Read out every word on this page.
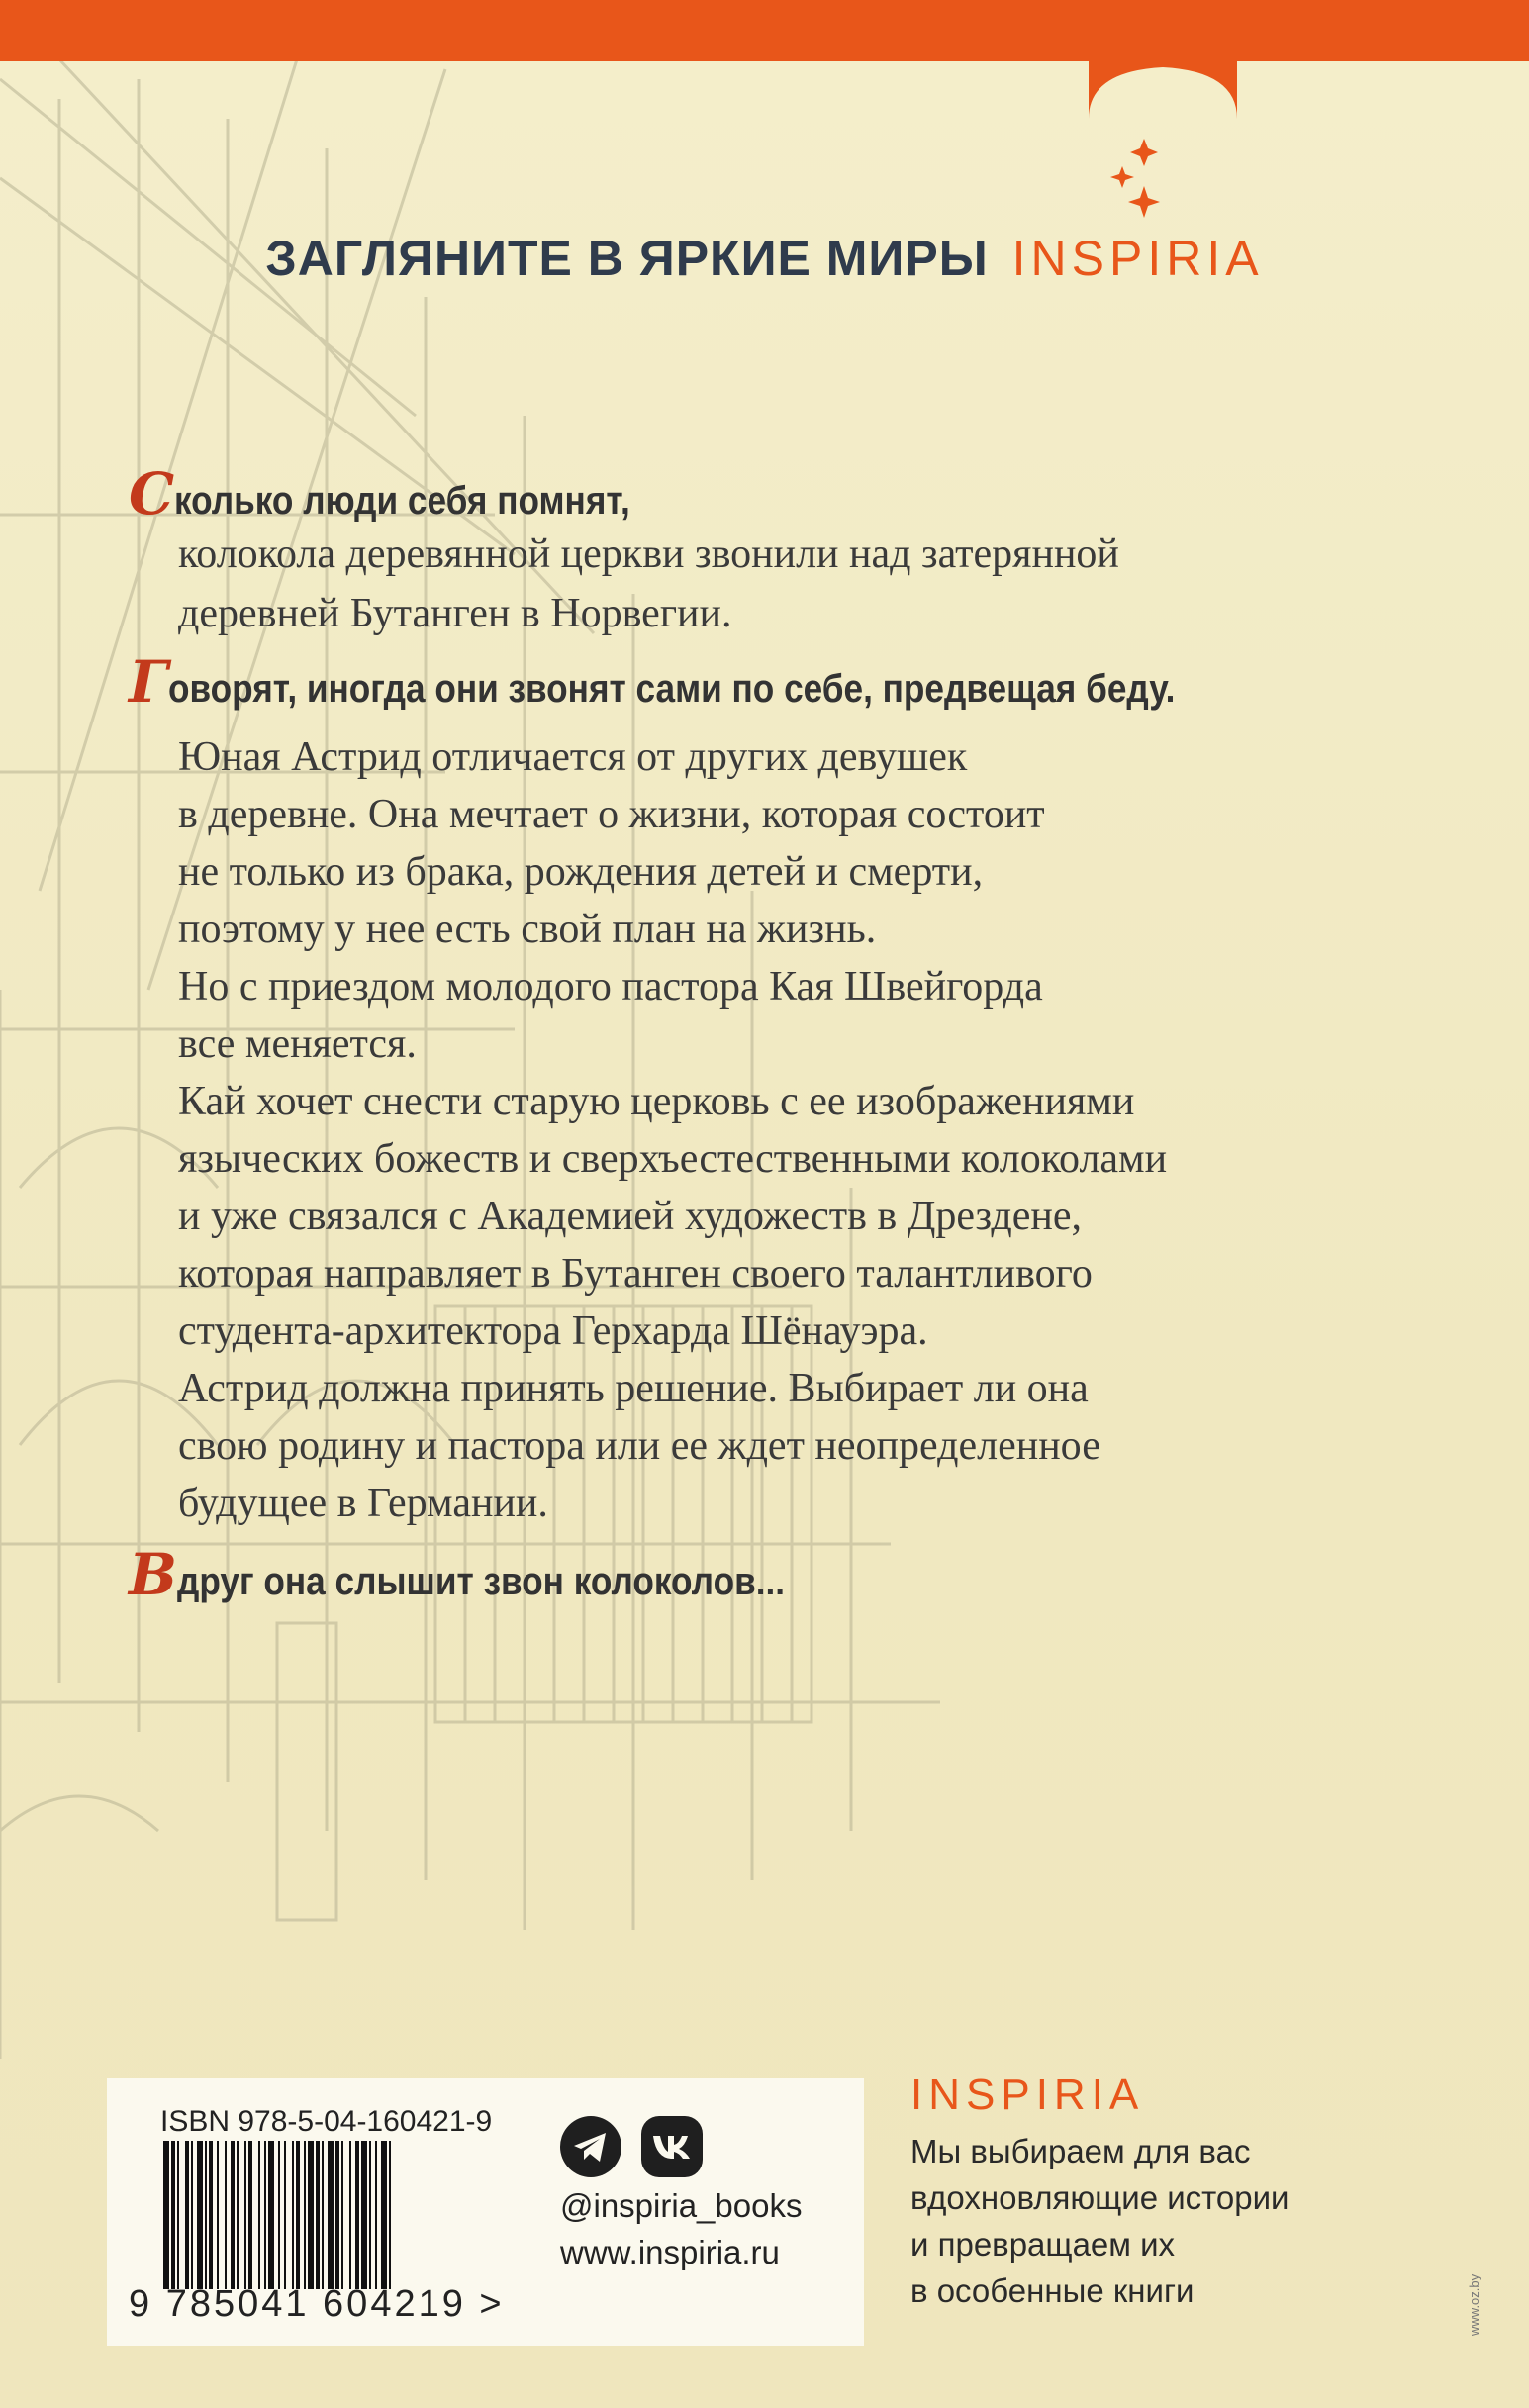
ЗАГЛЯНИТЕ В ЯРКИЕ МИРЫ INSPIRIA
Сколько люди себя помнят,
колокола деревянной церкви звонили над затерянной
деревней Бутанген в Норвегии.
Говорят, иногда они звонят сами по себе, предвещая беду.
Юная Астрид отличается от других девушек
в деревне. Она мечтает о жизни, которая состоит
не только из брака, рождения детей и смерти,
поэтому у нее есть свой план на жизнь.
Но с приездом молодого пастора Кая Швейгорда
все меняется.
Кай хочет снести старую церковь с ее изображениями
языческих божеств и сверхъестественными колоколами
и уже связался с Академией художеств в Дрездене,
которая направляет в Бутанген своего талантливого
студента-архитектора Герхарда Шёнауэра.
Астрид должна принять решение. Выбирает ли она
свою родину и пастора или ее ждет неопределенное
будущее в Германии.
Вдруг она слышит звон колоколов...
ISBN 978-5-04-160421-9
9 785041 604219 >
@inspiria_books
www.inspiria.ru
INSPIRIA
Мы выбираем для вас
вдохновляющие истории
и превращаем их
в особенные книги	www.oz.by
